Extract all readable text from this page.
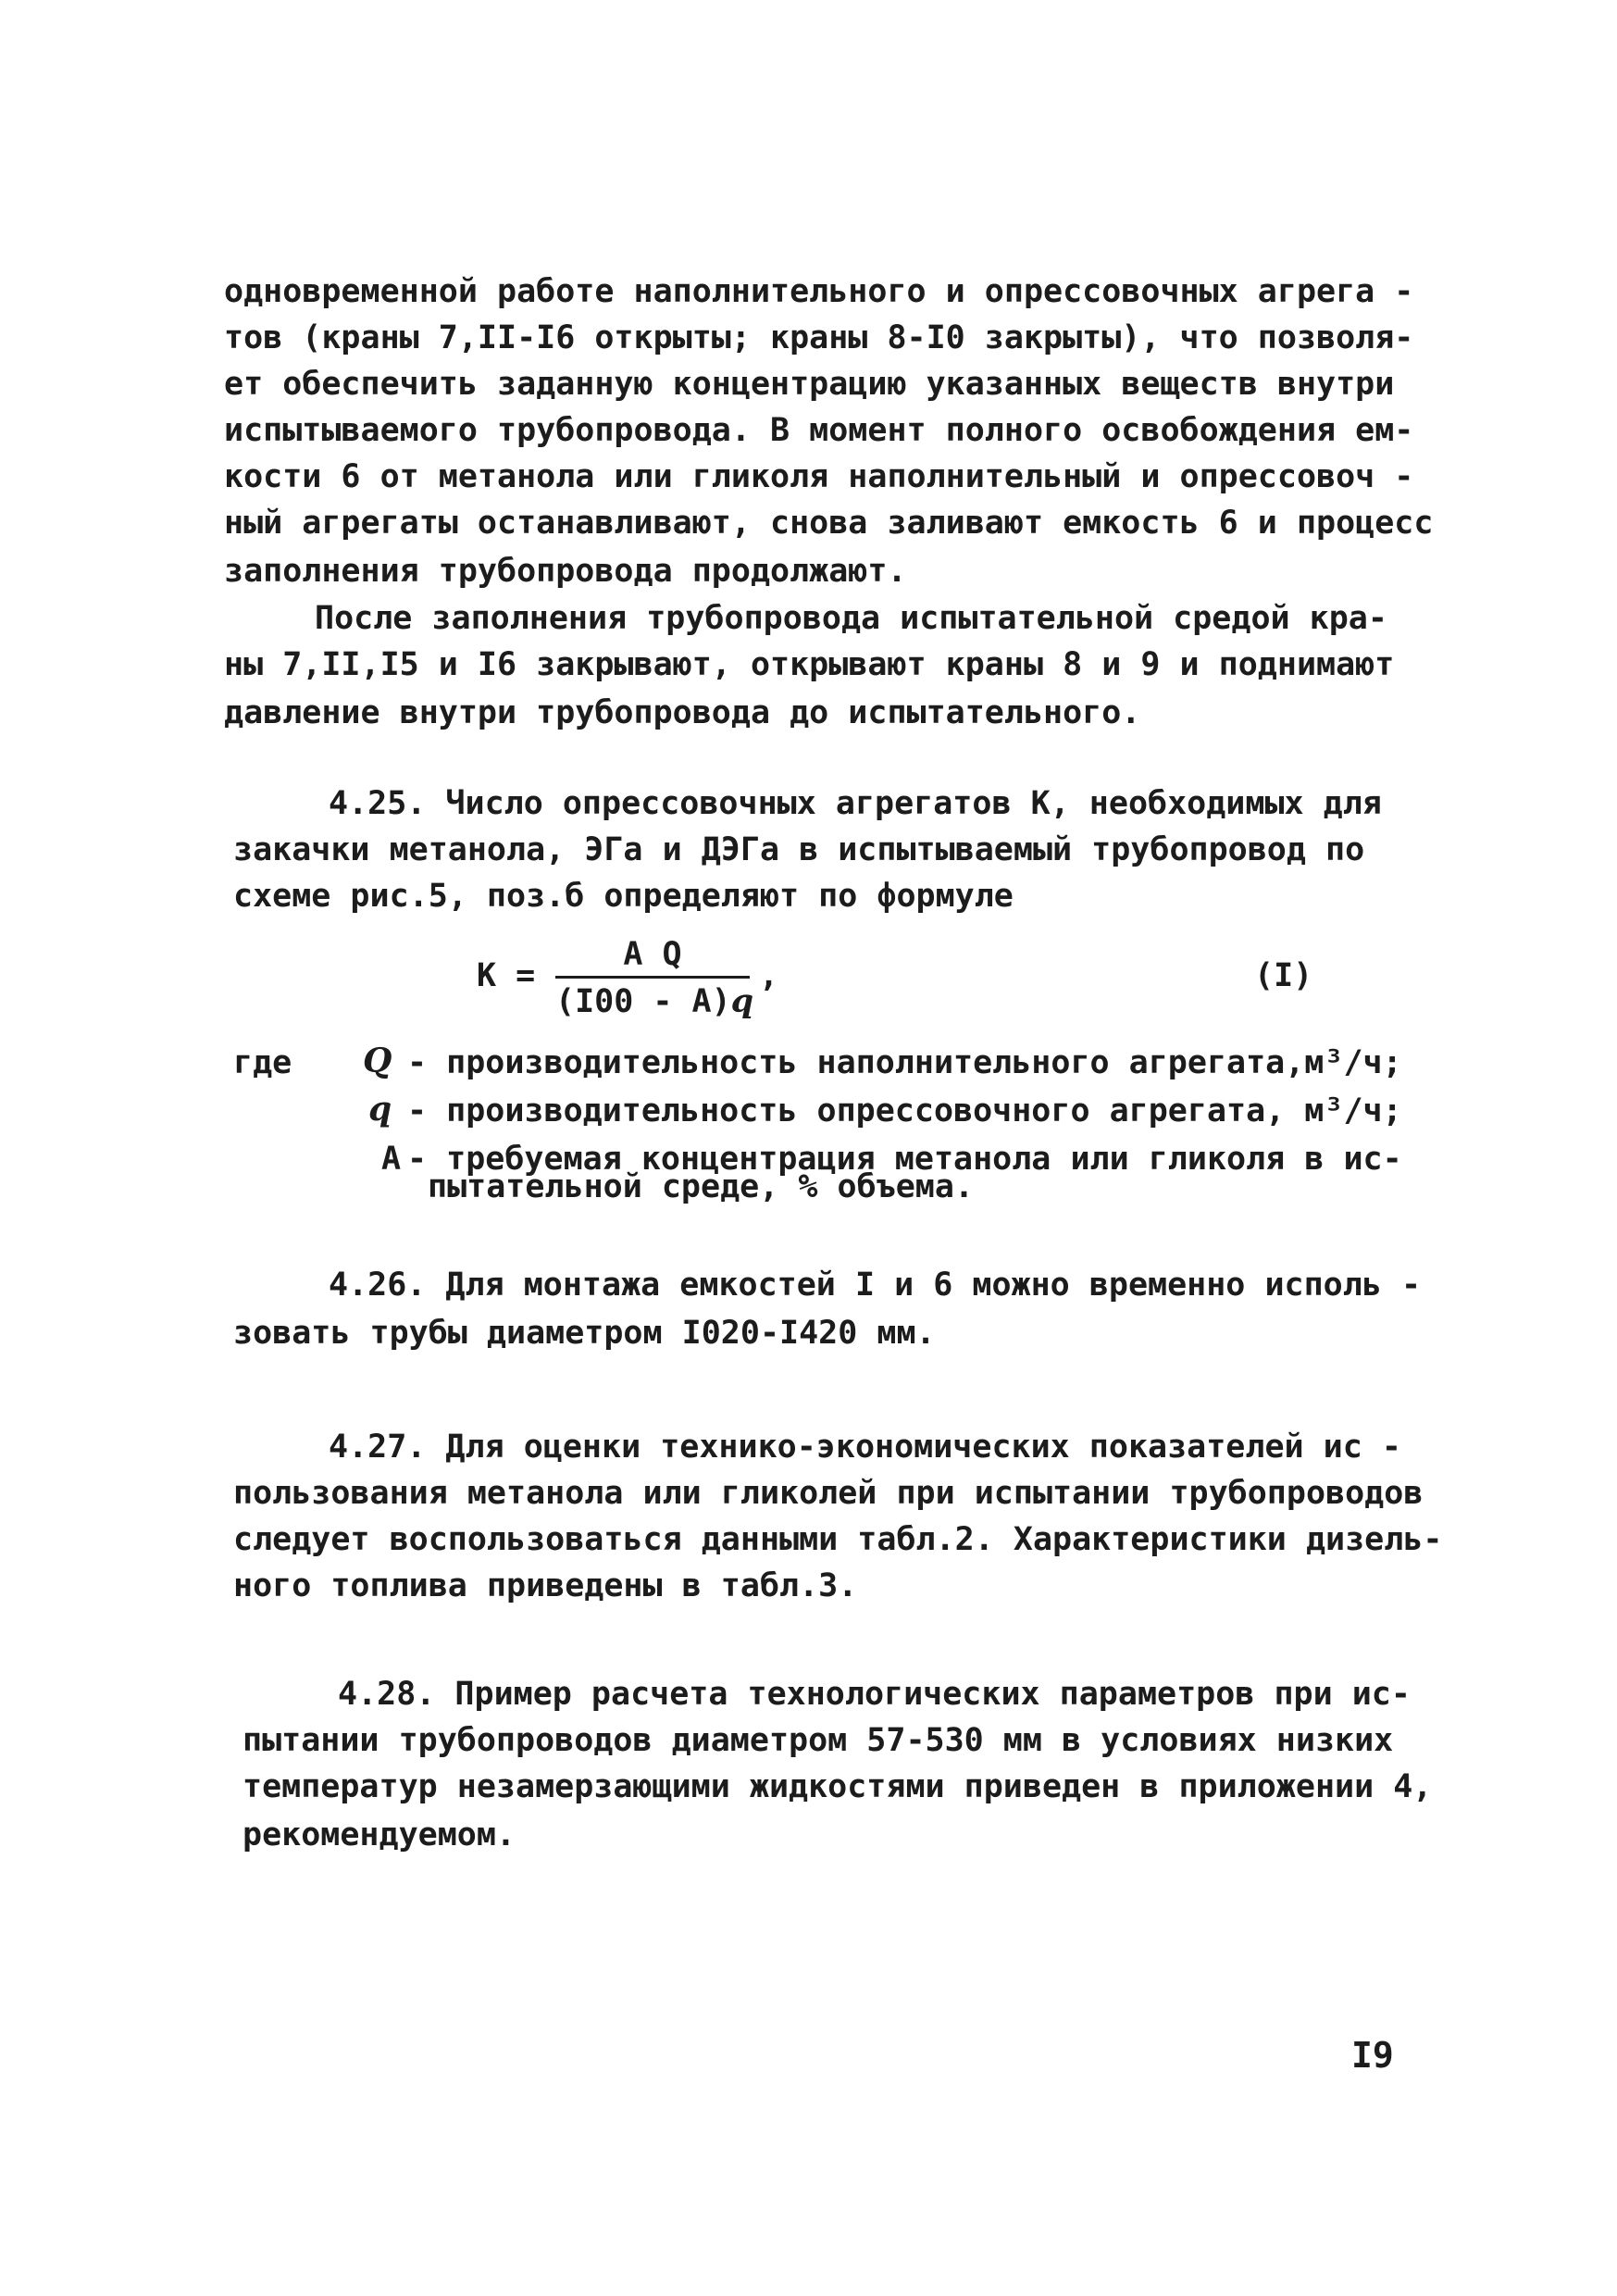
одновременной работе наполнительного и опрессовочных агрега -
тов (краны 7,II-I6 открыты; краны 8-I0 закрыты), что позволя-
ет обеспечить заданную концентрацию указанных веществ внутри
испытываемого трубопровода. В момент полного освобождения ем-
кости 6 от метанола или гликоля наполнительный и опрессовоч -
ный агрегаты останавливают, снова заливают емкость 6 и процесс
заполнения трубопровода продолжают.
После заполнения трубопровода испытательной средой кра-
ны 7,II,I5 и I6 закрывают, открывают краны 8 и 9 и поднимают
давление внутри трубопровода до испытательного.
4.25. Число опрессовочных агрегатов К, необходимых для
закачки метанола, ЭГа и ДЭГа в испытываемый трубопровод по
схеме рис.5, поз.б определяют по формуле
К =
A Q
(I00 - A)q
,	(I)
где Q - производительность наполнительного агрегата,м³/ч;
q - производительность опрессовочного агрегата, м³/ч;
А - требуемая концентрация метанола или гликоля в ис-
пытательной среде, % объема.
4.26. Для монтажа емкостей I и 6 можно временно исполь -
зовать трубы диаметром I020-I420 мм.
4.27. Для оценки технико-экономических показателей ис -
пользования метанола или гликолей при испытании трубопроводов
следует воспользоваться данными табл.2. Характеристики дизель-
ного топлива приведены в табл.3.
4.28. Пример расчета технологических параметров при ис-
пытании трубопроводов диаметром 57-530 мм в условиях низких
температур незамерзающими жидкостями приведен в приложении 4,
рекомендуемом.
I9
